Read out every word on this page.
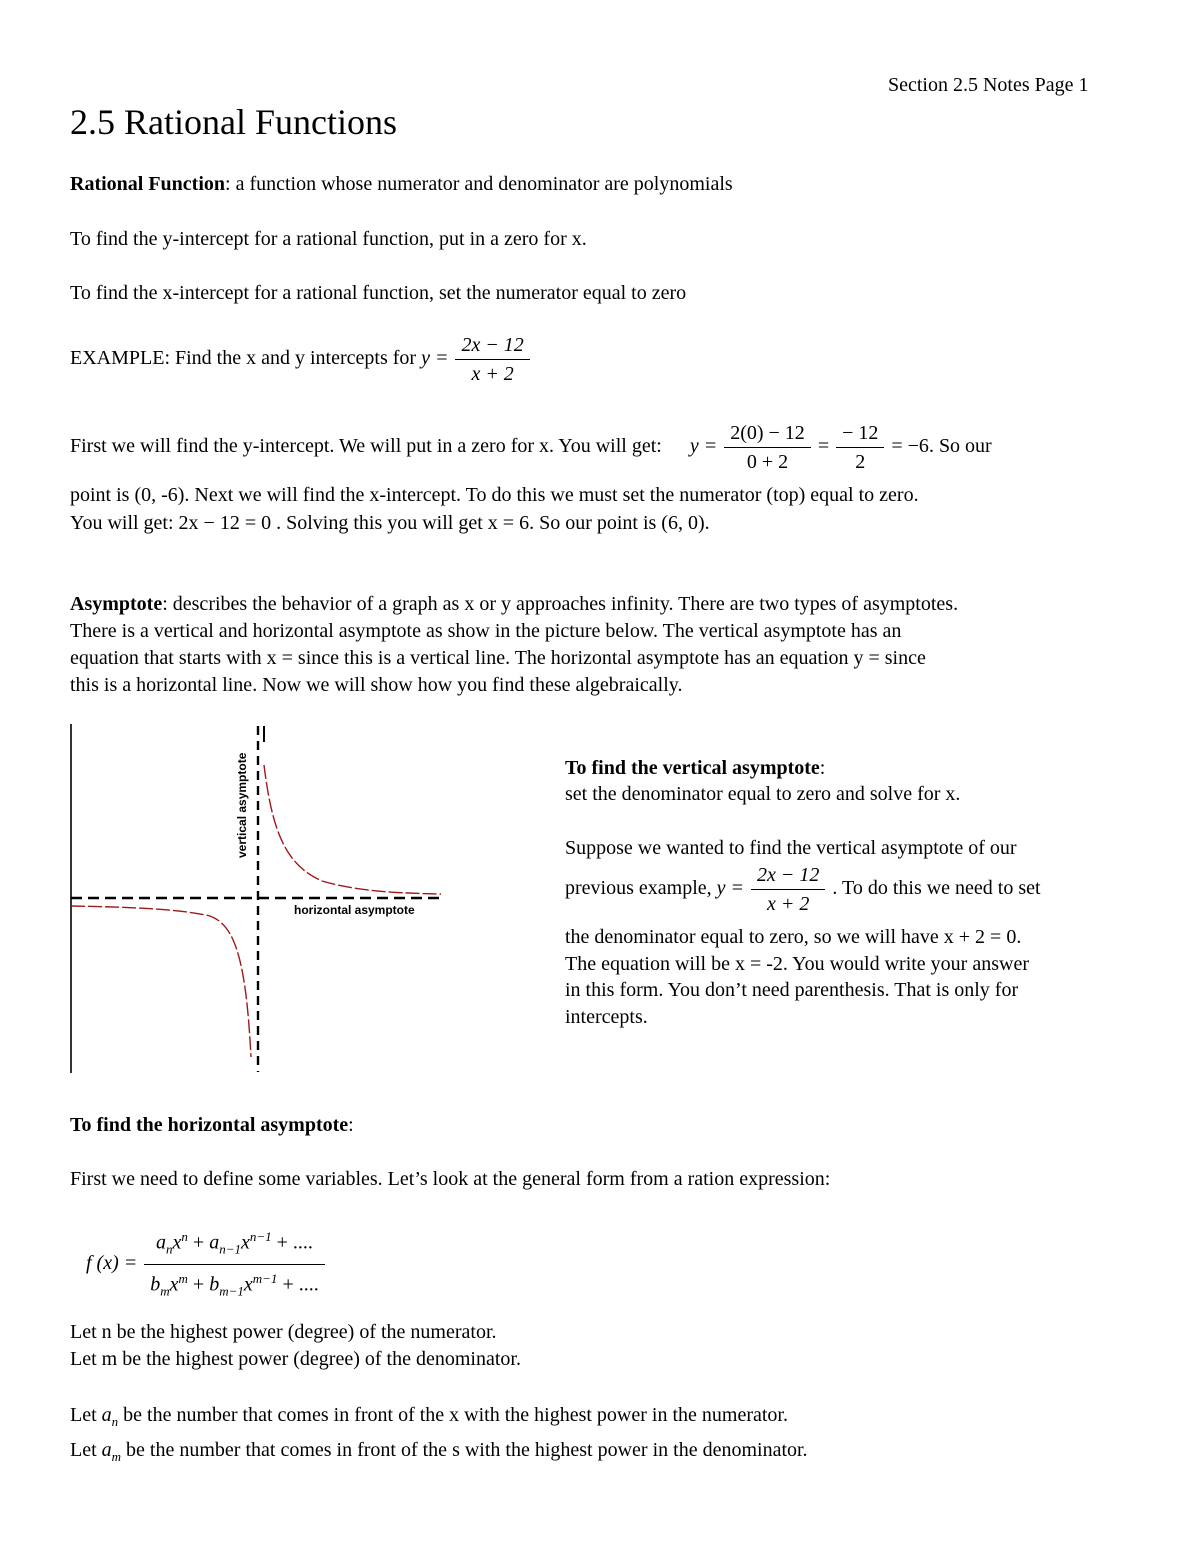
Section 2.5 Notes Page 1
2.5 Rational Functions
Rational Function: a function whose numerator and denominator are polynomials
To find the y-intercept for a rational function, put in a zero for x.
To find the x-intercept for a rational function, set the numerator equal to zero
EXAMPLE: Find the x and y intercepts for $y = \frac{2x - 12}{x + 2}$
First we will find the y-intercept. We will put in a zero for x. You will get: $y = \frac{2(0) - 12}{0 + 2} = \frac{- 12}{2} = -6$. So our
point is (0, -6). Next we will find the x-intercept. To do this we must set the numerator (top) equal to zero.
You will get: 2x − 12 = 0 . Solving this you will get x = 6. So our point is (6, 0).
Asymptote: describes the behavior of a graph as x or y approaches infinity. There are two types of asymptotes.
There is a vertical and horizontal asymptote as show in the picture below. The vertical asymptote has an
equation that starts with x = since this is a vertical line. The horizontal asymptote has an equation y = since
this is a horizontal line. Now we will show how you find these algebraically.
vertical asymptote
horizontal asymptote
To find the vertical asymptote:
set the denominator equal to zero and solve for x.
Suppose we wanted to find the vertical asymptote of our
previous example, $y = \frac{2x - 12}{x + 2}$ . To do this we need to set
the denominator equal to zero, so we will have x + 2 = 0.
The equation will be x = -2. You would write your answer
in this form. You don’t need parenthesis. That is only for
intercepts.
To find the horizontal asymptote:
First we need to define some variables. Let’s look at the general form from a ration expression:
f $(x) = \frac{a_nx^n + a_{n-1}x^{n-1} + ....}{b_mx^m + b_{m-1}x^{m-1} + ....}$
Let n be the highest power (degree) of the numerator.
Let m be the highest power (degree) of the denominator.
Let $a_n$ be the number that comes in front of the x with the highest power in the numerator.
Let $a_m$ be the number that comes in front of the s with the highest power in the denominator.
